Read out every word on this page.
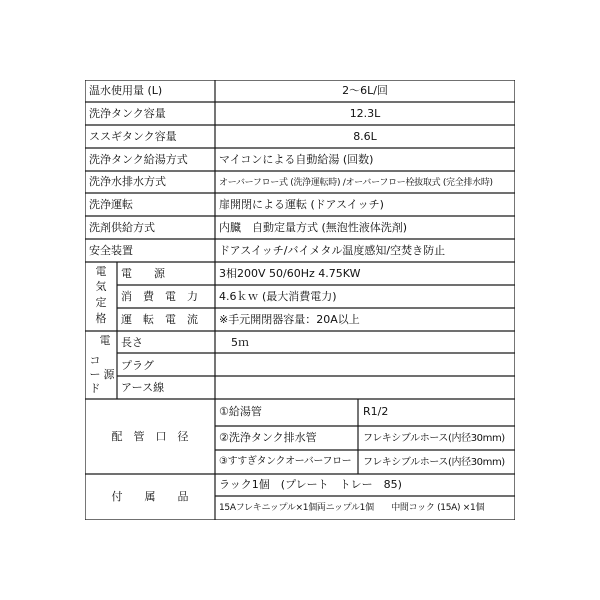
温水使用量 (L)	2～6L/回
洗浄タンク容量	12.3L
ススギタンク容量	8.6L
洗浄タンク給湯方式	マイコンによる自動給湯 (回数)
洗浄水排水方式	オーバーフロー式 (洗浄運転時) /オーバーフロー栓抜取式 (完全排水時)
洗浄運転	扉開閉による運転 (ドアスイッチ)
洗剤供給方式	内臓　自動定量方式 (無泡性液体洗剤)
安全装置	ドアスイッチ/バイメタル温度感知/空焚き防止
電
気
定
格
電　　源	3相200V 50/60Hz 4.75KW
消　費　電　力 4.6ｋｗ (最大消費電力)
運　転　電　流 ※手元開閉器容量：20A以上
電
コ
ー
ド
源
長さ	5ｍ
プラグ
アース線
配　管　口　径
①給湯管	R1/2
②洗浄タンク排水管	フレキシブルホース(内径30mm)
③すすぎタンクオーバーフロー フレキシブルホース(内径30mm)
付　　属　　品
ラック1個　(プレート　トレー　85)
15Aフレキニップル×1個両ニップル1個　　中間コック (15A) ×1個
